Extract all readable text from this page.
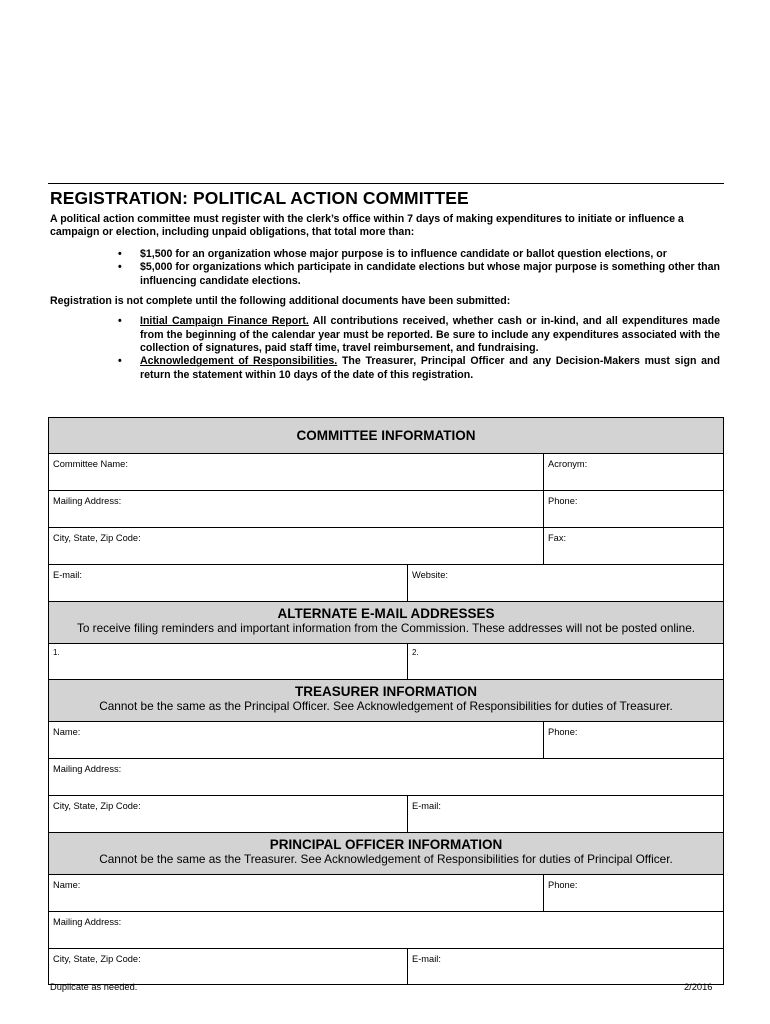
REGISTRATION: POLITICAL ACTION COMMITTEE

A political action committee must register with the clerk’s office within 7 days of making expenditures to initiate or influence a campaign or election, including unpaid obligations, that total more than:

• $1,500 for an organization whose major purpose is to influence candidate or ballot question elections, or
• $5,000 for organizations which participate in candidate elections but whose major purpose is something other than influencing candidate elections.

Registration is not complete until the following additional documents have been submitted:

• Initial Campaign Finance Report. All contributions received, whether cash or in-kind, and all expenditures made from the beginning of the calendar year must be reported. Be sure to include any expenditures associated with the collection of signatures, paid staff time, travel reimbursement, and fundraising.
• Acknowledgement of Responsibilities. The Treasurer, Principal Officer and any Decision-Makers must sign and return the statement within 10 days of the date of this registration.
COMMITTEE INFORMATION
Committee Name:	Acronym:
Mailing Address:	Phone:
City, State, Zip Code:	Fax:
E-mail:	Website:
ALTERNATE E-MAIL ADDRESSES
To receive filing reminders and important information from the Commission. These addresses will not be posted online.
1.	2.
TREASURER INFORMATION
Cannot be the same as the Principal Officer. See Acknowledgement of Responsibilities for duties of Treasurer.
Name:	Phone:
Mailing Address:
City, State, Zip Code:	E-mail:
PRINCIPAL OFFICER INFORMATION
Cannot be the same as the Treasurer. See Acknowledgement of Responsibilities for duties of Principal Officer.
Name:	Phone:
Mailing Address:
City, State, Zip Code:	E-mail:
Duplicate as needed.	2/2016
